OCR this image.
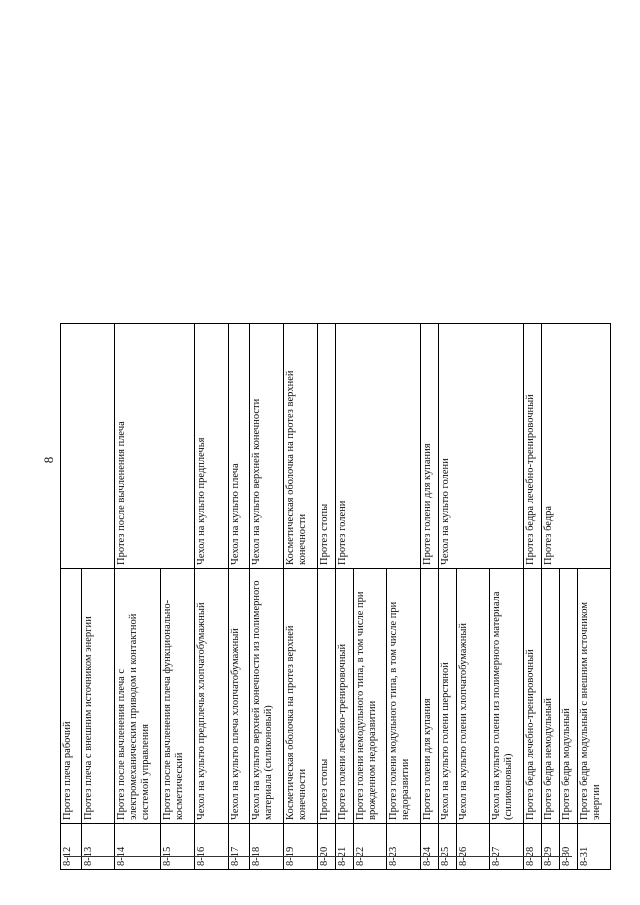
8
8-12	Протез плеча рабочий	
8-13	Протез плеча с внешним источником энергии	
8-14	Протез после вычленения плеча с электромеханическим приводом и контактной системой управления	Протез после вычленения плеча
8-15	Протез после вычленения плеча функционально-косметический	
8-16	Чехол на культю предплечья хлопчатобумажный	Чехол на культю предплечья
8-17	Чехол на культю плеча хлопчатобумажный	Чехол на культю плеча
8-18	Чехол на культю верхней конечности из полимерного материала (силиконовый)	Чехол на культю верхней конечности
8-19	Косметическая оболочка на протез верхней конечности	Косметическая оболочка на протез верхней конечности
8-20	Протез стопы	Протез стопы
8-21	Протез голени лечебно-тренировочный	Протез голени
8-22	Протез голени немодульного типа, в том числе при врожденном недоразвитии	
8-23	Протез голени модульного типа, в том числе при недоразвитии	
8-24	Протез голени для купания	Протез голени для купания
8-25	Чехол на культю голени шерстяной	Чехол на культю голени
8-26	Чехол на культю голени хлопчатобумажный	
8-27	Чехол на культю голени из полимерного материала (силиконовый)	
8-28	Протез бедра лечебно-тренировочный	Протез бедра лечебно-тренировочный
8-29	Протез бедра немодульный	Протез бедра
8-30	Протез бедра модульный	
8-31	Протез бедра модульный с внешним источником энергии	
